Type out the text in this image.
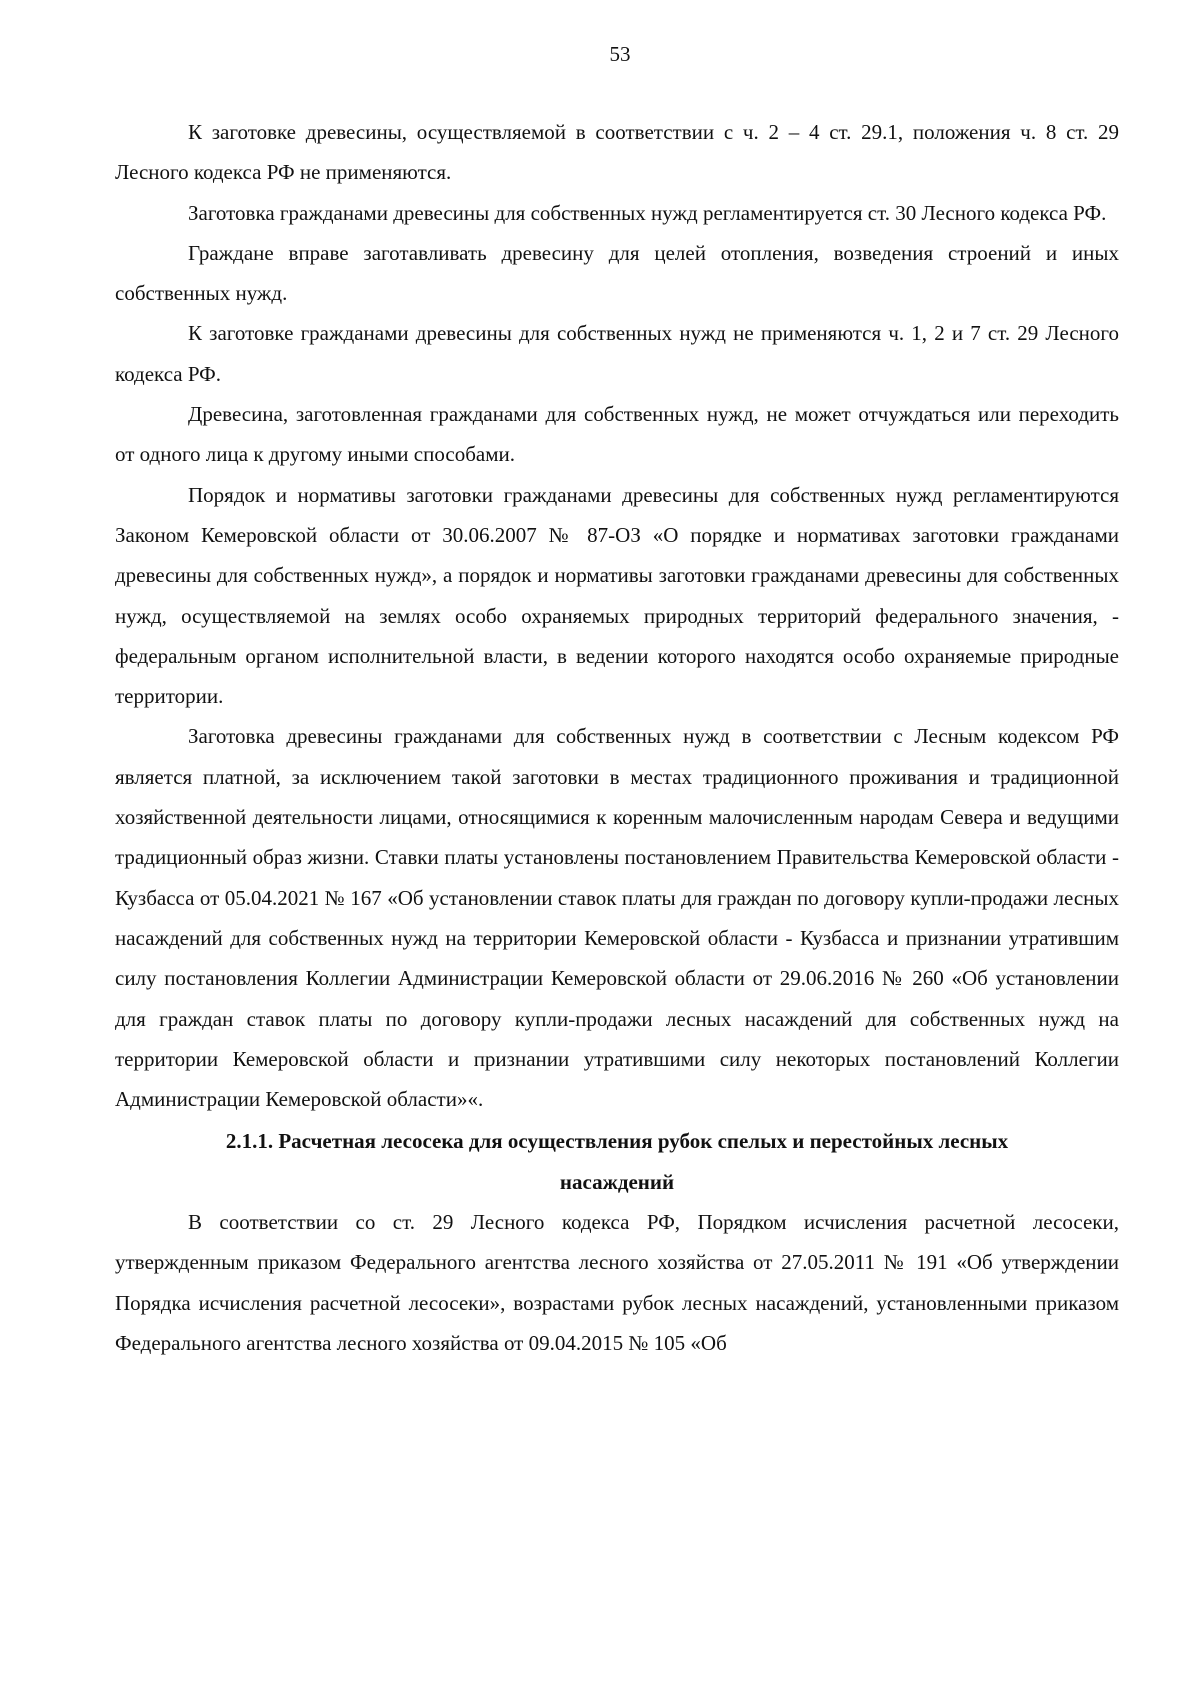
53

К заготовке древесины, осуществляемой в соответствии с ч. 2 – 4 ст. 29.1, положения ч. 8 ст. 29 Лесного кодекса РФ не применяются.

Заготовка гражданами древесины для собственных нужд регламентируется ст. 30 Лесного кодекса РФ.

Граждане вправе заготавливать древесину для целей отопления, возведения строений и иных собственных нужд.

К заготовке гражданами древесины для собственных нужд не применяются ч. 1, 2 и 7 ст. 29 Лесного кодекса РФ.

Древесина, заготовленная гражданами для собственных нужд, не может отчуждаться или переходить от одного лица к другому иными способами.

Порядок и нормативы заготовки гражданами древесины для собственных нужд регламентируются Законом Кемеровской области от 30.06.2007 № 87-ОЗ «О порядке и нормативах заготовки гражданами древесины для собственных нужд», а порядок и нормативы заготовки гражданами древесины для собственных нужд, осуществляемой на землях особо охраняемых природных территорий федерального значения, - федеральным органом исполнительной власти, в ведении которого находятся особо охраняемые природные территории.

Заготовка древесины гражданами для собственных нужд в соответствии с Лесным кодексом РФ является платной, за исключением такой заготовки в местах традиционного проживания и традиционной хозяйственной деятельности лицами, относящимися к коренным малочисленным народам Севера и ведущими традиционный образ жизни. Ставки платы установлены постановлением Правительства Кемеровской области - Кузбасса от 05.04.2021 № 167 «Об установлении ставок платы для граждан по договору купли-продажи лесных насаждений для собственных нужд на территории Кемеровской области - Кузбасса и признании утратившим силу постановления Коллегии Администрации Кемеровской области от 29.06.2016 № 260 «Об установлении для граждан ставок платы по договору купли-продажи лесных насаждений для собственных нужд на территории Кемеровской области и признании утратившими силу некоторых постановлений Коллегии Администрации Кемеровской области»«.

2.1.1. Расчетная лесосека для осуществления рубок спелых и перестойных лесных насаждений

В соответствии со ст. 29 Лесного кодекса РФ, Порядком исчисления расчетной лесосеки, утвержденным приказом Федерального агентства лесного хозяйства от 27.05.2011 № 191 «Об утверждении Порядка исчисления расчетной лесосеки», возрастами рубок лесных насаждений, установленными приказом Федерального агентства лесного хозяйства от 09.04.2015 № 105 «Об
